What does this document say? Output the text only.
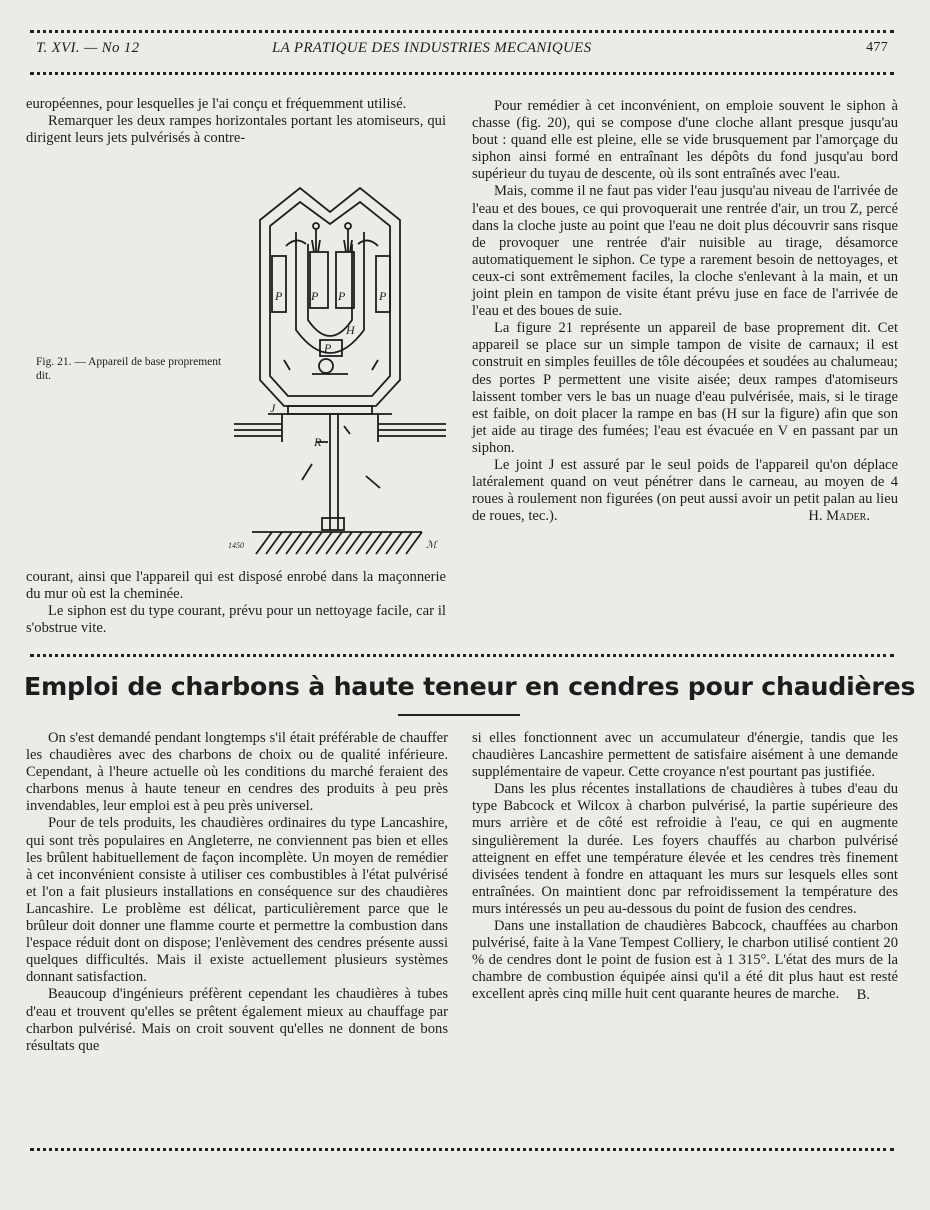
T. XVI. — No 12	LA PRATIQUE DES INDUSTRIES MECANIQUES	477

européennes, pour lesquelles je l'ai conçu et fréquemment utilisé.

Remarquer les deux rampes horizontales portant les atomiseurs, qui dirigent leurs jets pulvérisés à contre-

P P P	P
P
H
J
R
1450	ℳ
Fig. 21. — Appareil de base proprement dit.

courant, ainsi que l'appareil qui est disposé enrobé dans la maçonnerie du mur où est la cheminée.

Le siphon est du type courant, prévu pour un nettoyage facile, car il s'obstrue vite.

Pour remédier à cet inconvénient, on emploie souvent le siphon à chasse (fig. 20), qui se compose d'une cloche allant presque jusqu'au bout : quand elle est pleine, elle se vide brusquement par l'amorçage du siphon ainsi formé en entraînant les dépôts du fond jusqu'au bord supérieur du tuyau de descente, où ils sont entraînés avec l'eau.

Mais, comme il ne faut pas vider l'eau jusqu'au niveau de l'arrivée de l'eau et des boues, ce qui provoquerait une rentrée d'air, un trou Z, percé dans la cloche juste au point que l'eau ne doit plus découvrir sans risque de provoquer une rentrée d'air nuisible au tirage, désamorce automatiquement le siphon. Ce type a rarement besoin de nettoyages, et ceux-ci sont extrêmement faciles, la cloche s'enlevant à la main, et un joint plein en tampon de visite étant prévu juse en face de l'arrivée de l'eau et des boues de suie.

La figure 21 représente un appareil de base proprement dit. Cet appareil se place sur un simple tampon de visite de carnaux; il est construit en simples feuilles de tôle découpées et soudées au chalumeau; des portes P permettent une visite aisée; deux rampes d'atomiseurs laissent tomber vers le bas un nuage d'eau pulvérisée, mais, si le tirage est faible, on doit placer la rampe en bas (H sur la figure) afin que son jet aide au tirage des fumées; l'eau est évacuée en V en passant par un siphon.

Le joint J est assuré par le seul poids de l'appareil qu'on déplace latéralement quand on veut pénétrer dans le carneau, au moyen de 4 roues à roulement non figurées (on peut aussi avoir un petit palan au lieu de roues, tec.).	H. Mader.
Emploi de charbons à haute teneur en cendres pour chaudières

On s'est demandé pendant longtemps s'il était préférable de chauffer les chaudières avec des charbons de choix ou de qualité inférieure. Cependant, à l'heure actuelle où les conditions du marché feraient des charbons menus à haute teneur en cendres des produits à peu près invendables, leur emploi est à peu près universel.

Pour de tels produits, les chaudières ordinaires du type Lancashire, qui sont très populaires en Angleterre, ne conviennent pas bien et elles les brûlent habituellement de façon incomplète. Un moyen de remédier à cet inconvénient consiste à utiliser ces combustibles à l'état pulvérisé et l'on a fait plusieurs installations en conséquence sur des chaudières Lancashire. Le problème est délicat, particulièrement parce que le brûleur doit donner une flamme courte et permettre la combustion dans l'espace réduit dont on dispose; l'enlèvement des cendres présente aussi quelques difficultés. Mais il existe actuellement plusieurs systèmes donnant satisfaction.

Beaucoup d'ingénieurs préfèrent cependant les chaudières à tubes d'eau et trouvent qu'elles se prêtent également mieux au chauffage par charbon pulvérisé. Mais on croit souvent qu'elles ne donnent de bons résultats que

si elles fonctionnent avec un accumulateur d'énergie, tandis que les chaudières Lancashire permettent de satisfaire aisément à une demande supplémentaire de vapeur. Cette croyance n'est pourtant pas justifiée.

Dans les plus récentes installations de chaudières à tubes d'eau du type Babcock et Wilcox à charbon pulvérisé, la partie supérieure des murs arrière et de côté est refroidie à l'eau, ce qui en augmente singulièrement la durée. Les foyers chauffés au charbon pulvérisé atteignent en effet une température élevée et les cendres très finement divisées tendent à fondre en attaquant les murs sur lesquels elles sont entraînées. On maintient donc par refroidissement la température des murs intéressés un peu au-dessous du point de fusion des cendres.

Dans une installation de chaudières Babcock, chauffées au charbon pulvérisé, faite à la Vane Tempest Colliery, le charbon utilisé contient 20 % de cendres dont le point de fusion est à 1 315°. L'état des murs de la chambre de combustion équipée ainsi qu'il a été dit plus haut est resté excellent après cinq mille huit cent quarante heures de marche.	B.
